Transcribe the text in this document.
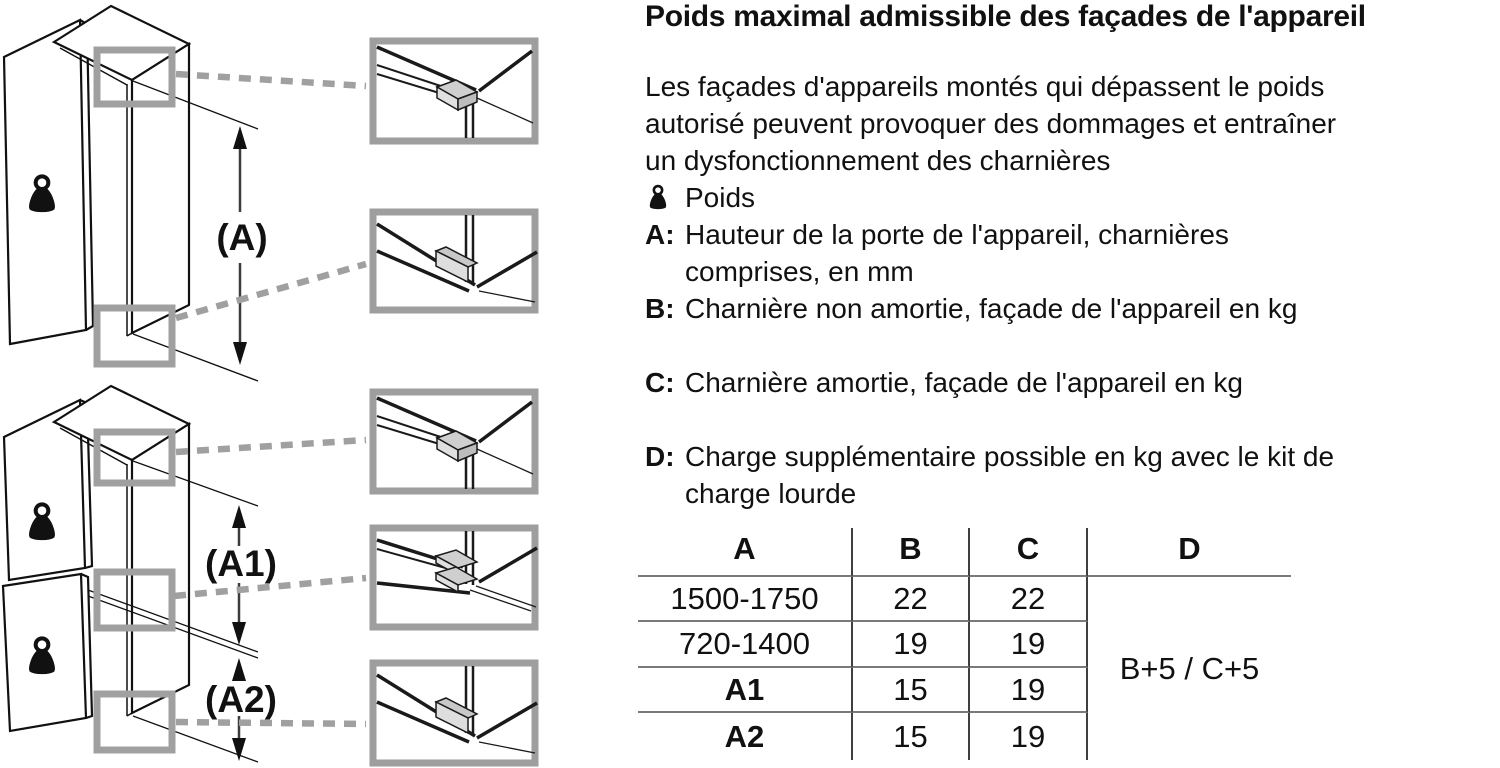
(A)
(A1)
(A2)
Poids maximal admissible des façades de l'appareil
Les façades d'appareils montés qui dépassent le poids
autorisé peuvent provoquer des dommages et entraîner
un dysfonctionnement des charnières
Poids
A: Hauteur de la porte de l'appareil, charnières
comprises, en mm
B: Charnière non amortie, façade de l'appareil en kg
C: Charnière amortie, façade de l'appareil en kg
D: Charge supplémentaire possible en kg avec le kit de
charge lourde
A	B	C	D
1500-1750	22	22
720-1400	19	19
A1	15	19
A2	15	19
B+5 / C+5
